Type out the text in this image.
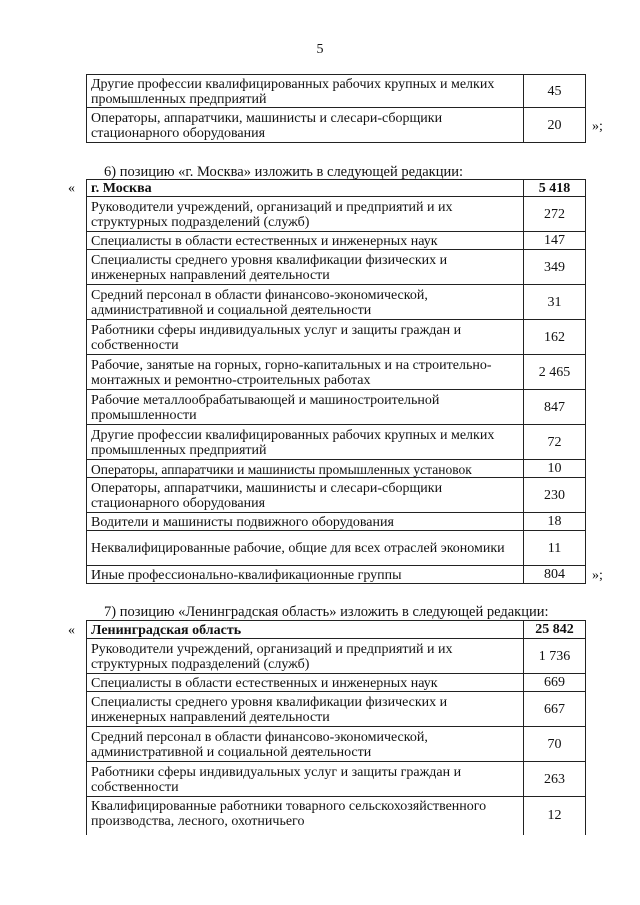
5
Другие профессии квалифицированных рабочих крупных и мелких промышленных предприятий	45
Операторы, аппаратчики, машинисты и слесари-сборщики стационарного оборудования	20 »;
6) позицию «г. Москва» изложить в следующей редакции:
« г. Москва	5 418
Руководители учреждений, организаций и предприятий и их структурных подразделений (служб)	272
Специалисты в области естественных и инженерных наук	147
Специалисты среднего уровня квалификации физических и инженерных направлений деятельности	349
Средний персонал в области финансово-экономической, административной и социальной деятельности	31
Работники сферы индивидуальных услуг и защиты граждан и собственности	162
Рабочие, занятые на горных, горно-капитальных и на строительно-монтажных и ремонтно-строительных работах	2 465
Рабочие металлообрабатывающей и машиностроительной промышленности	847
Другие профессии квалифицированных рабочих крупных и мелких промышленных предприятий	72
Операторы, аппаратчики и машинисты промышленных установок	10
Операторы, аппаратчики, машинисты и слесари-сборщики стационарного оборудования	230
Водители и машинисты подвижного оборудования	18
Неквалифицированные рабочие, общие для всех отраслей экономики	11
Иные профессионально-квалификационные группы	804 »;
7) позицию «Ленинградская область» изложить в следующей редакции:
« Ленинградская область	25 842
Руководители учреждений, организаций и предприятий и их структурных подразделений (служб)	1 736
Специалисты в области естественных и инженерных наук	669
Специалисты среднего уровня квалификации физических и инженерных направлений деятельности	667
Средний персонал в области финансово-экономической, административной и социальной деятельности	70
Работники сферы индивидуальных услуг и защиты граждан и собственности	263
Квалифицированные работники товарного сельскохозяйственного производства, лесного, охотничьего	12
